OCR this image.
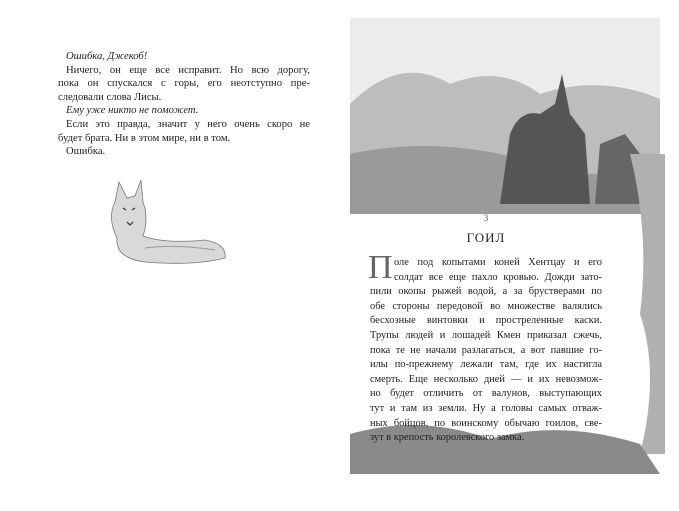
Ошибка, Джекоб!
Ничего, он еще все исправит. Но всю дорогу,
пока он спускался с горы, его неотступно пре-
следовали слова Лисы.
Ему уже никто не поможет.
Если это правда, значит у него очень скоро не
будет брата. Ни в этом мире, ни в том.
Ошибка.
3
ГОИЛ
П оле под копытами коней Хентцау и его
солдат все еще пахло кровью. Дожди зато-
пили окопы рыжей водой, а за брустверами по
обе стороны передовой во множестве валялись
бесхозные винтовки и простреленные каски.
Трупы людей и лошадей Кмен приказал сжечь,
пока те не начали разлагаться, а вот павшие го-
илы по-прежнему лежали там, где их настигла
смерть. Еще несколько дней — и их невозмож-
но будет отличить от валунов, выступающих
тут и там из земли. Ну а головы самых отваж-
ных бойцов, по воинскому обычаю гоилов, све-
зут в крепость королевского замка.
